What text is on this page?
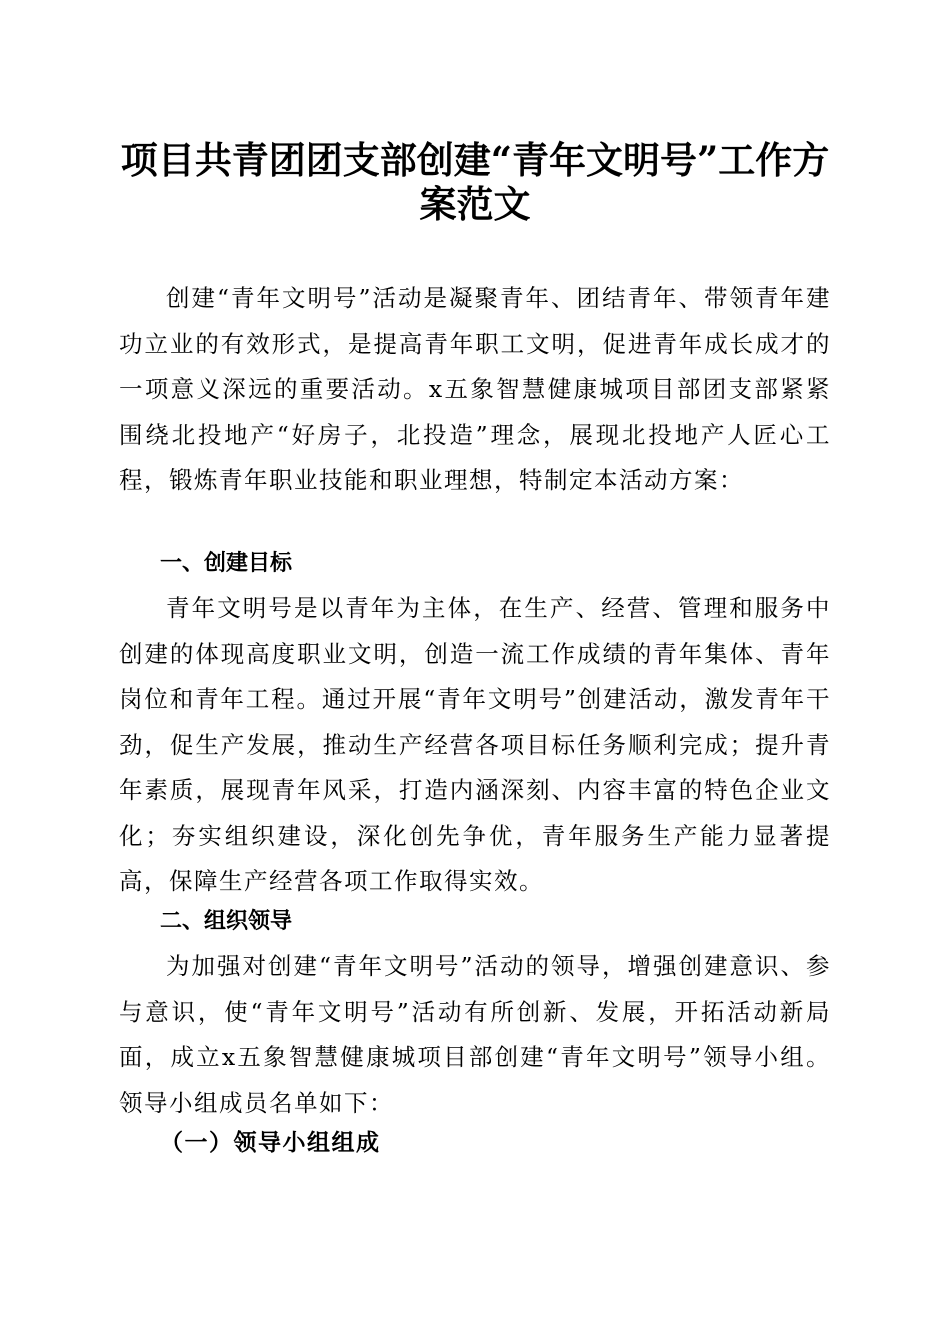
项目共青团团支部创建“青年文明号”工作方
案范文

创建“青年文明号”活动是凝聚青年、团结青年、带领青年建功立业的有效形式，是提高青年职工文明，促进青年成长成才的一项意义深远的重要活动。x五象智慧健康城项目部团支部紧紧围绕北投地产“好房子，北投造”理念，展现北投地产人匠心工程，锻炼青年职业技能和职业理想，特制定本活动方案：

一、创建目标

青年文明号是以青年为主体，在生产、经营、管理和服务中创建的体现高度职业文明，创造一流工作成绩的青年集体、青年岗位和青年工程。通过开展“青年文明号”创建活动，激发青年干劲，促生产发展，推动生产经营各项目标任务顺利完成；提升青年素质，展现青年风采，打造内涵深刻、内容丰富的特色企业文化；夯实组织建设，深化创先争优，青年服务生产能力显著提高，保障生产经营各项工作取得实效。

二、组织领导

为加强对创建“青年文明号”活动的领导，增强创建意识、参与意识，使“青年文明号”活动有所创新、发展，开拓活动新局面，成立x五象智慧健康城项目部创建“青年文明号”领导小组。领导小组成员名单如下：

（一）领导小组组成
